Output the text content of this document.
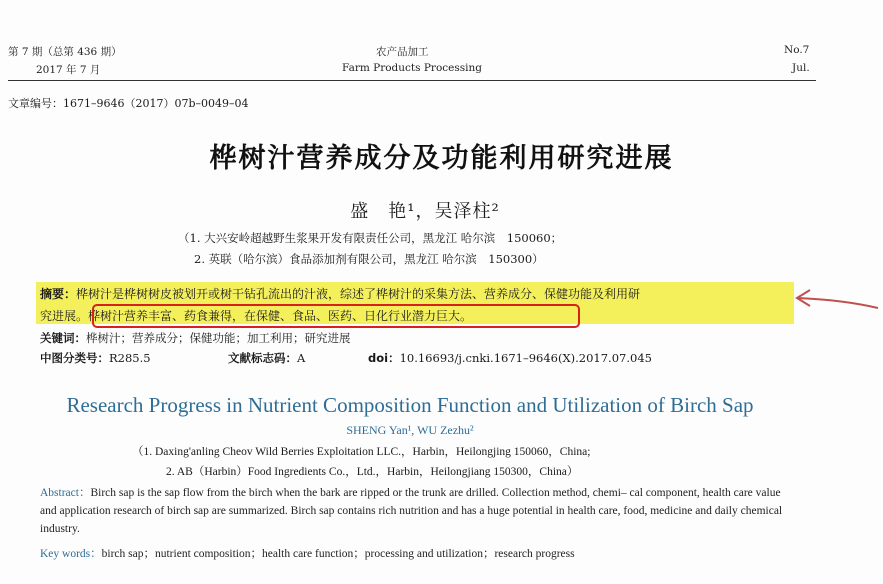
第 7 期（总第 436 期）
2017 年 7 月
农产品加工
Farm Products Processing
No.7
Jul.
文章编号：1671–9646（2017）07b–0049–04
桦树汁营养成分及功能利用研究进展
盛　艳¹，吴泽柱²
（1. 大兴安岭超越野生浆果开发有限责任公司，黑龙江 哈尔滨　150060；
2. 英联（哈尔滨）食品添加剂有限公司，黑龙江 哈尔滨　150300）
摘要：桦树汁是桦树树皮被划开或树干钻孔流出的汁液，综述了桦树汁的采集方法、营养成分、保健功能及利用研
究进展。桦树汁营养丰富、药食兼得，在保健、食品、医药、日化行业潜力巨大。
关键词：桦树汁；营养成分；保健功能；加工利用；研究进展
中图分类号：R285.5	文献标志码：A	doi：10.16693/j.cnki.1671–9646(X).2017.07.045
Research Progress in Nutrient Composition Function and Utilization of Birch Sap
SHENG Yan¹, WU Zezhu²
（1. Daxing'anling Cheov Wild Berries Exploitation LLC.，Harbin，Heilongjing 150060，China;
2. AB（Harbin）Food Ingredients Co.，Ltd.，Harbin，Heilongjiang 150300，China）
Abstract：Birch sap is the sap flow from the birch when the bark are ripped or the trunk are drilled. Collection method, chemi– cal component, health care value and application research of birch sap are summarized. Birch sap contains rich nutrition and has a huge potential in health care, food, medicine and daily chemical industry.
Key words：birch sap；nutrient composition；health care function；processing and utilization；research progress
